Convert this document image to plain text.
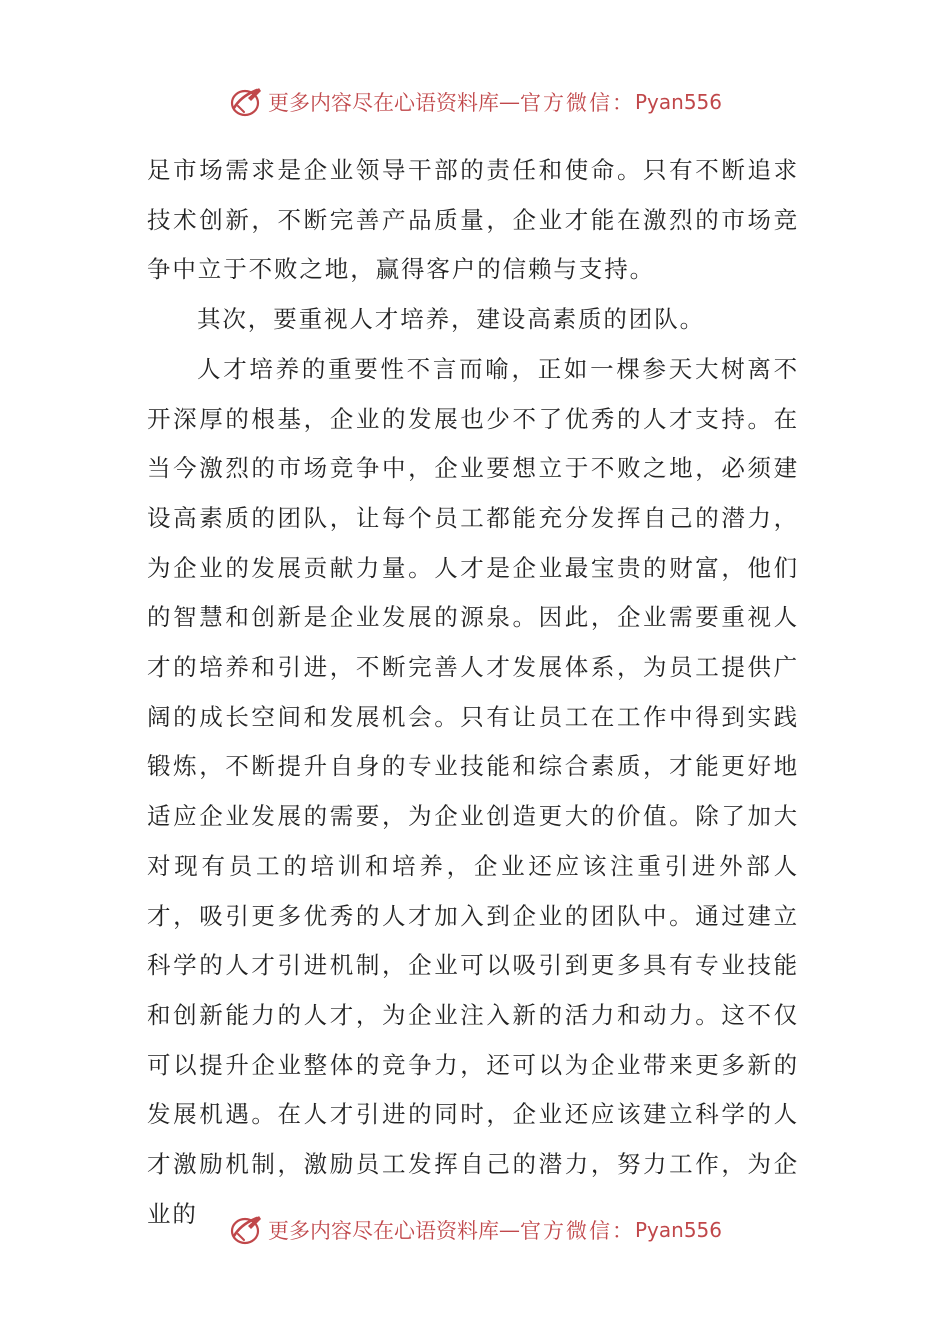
更多内容尽在心语资料库 — 官方微信： Pyan556

足市场需求是企业领导干部的责任和使命。只有不断追求技术创新，不断完善产品质量，企业才能在激烈的市场竞争中立于不败之地，赢得客户的信赖与支持。

其次，要重视人才培养，建设高素质的团队。

人才培养的重要性不言而喻，正如一棵参天大树离不开深厚的根基，企业的发展也少不了优秀的人才支持。在当今激烈的市场竞争中，企业要想立于不败之地，必须建设高素质的团队，让每个员工都能充分发挥自己的潜力，为企业的发展贡献力量。人才是企业最宝贵的财富，他们的智慧和创新是企业发展的源泉。因此，企业需要重视人才的培养和引进，不断完善人才发展体系，为员工提供广阔的成长空间和发展机会。只有让员工在工作中得到实践锻炼，不断提升自身的专业技能和综合素质，才能更好地适应企业发展的需要，为企业创造更大的价值。除了加大对现有员工的培训和培养，企业还应该注重引进外部人才，吸引更多优秀的人才加入到企业的团队中。通过建立科学的人才引进机制，企业可以吸引到更多具有专业技能和创新能力的人才，为企业注入新的活力和动力。这不仅可以提升企业整体的竞争力，还可以为企业带来更多新的发展机遇。在人才引进的同时，企业还应该建立科学的人才激励机制，激励员工发挥自己的潜力，努力工作，为企业的

更多内容尽在心语资料库 — 官方微信： Pyan556
